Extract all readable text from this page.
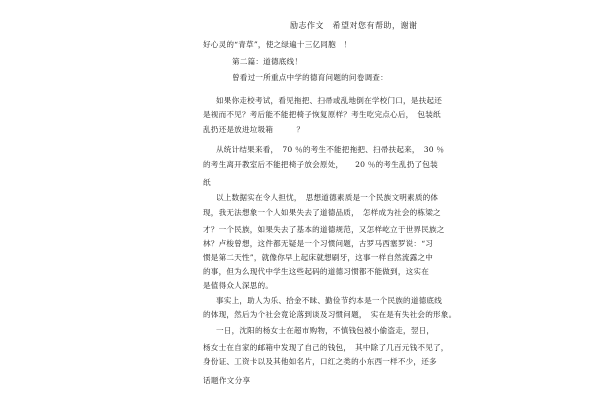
励志作文　希望对您有帮助，谢谢
好心灵的“青草”，使之绿遍十三亿同胞　！
第二篇：道德底线！
曾看过一所重点中学的德育问题的问卷调查：
如果你走校考试，看见拖把、扫帚或乱地倒在学校门口，是扶起还
是视而不见？考后能不能把椅子恢复原样？考生吃完点心后，　包装纸
乱扔还是放进垃圾箱　　　？
从统计结果来看，　70 ％的考生不能把拖把、扫帚扶起来，　30 ％
的考生离开教室后不能把椅子放会原处，　　20 ％的考生乱扔了包装
纸
以上数据实在令人担忧，　思想道德素质是一个民族文明素质的体
现，我无法想象一个人如果失去了道德品质，　怎样成为社会的栋梁之
才？一个民族，如果失去了基本的道德规范，又怎样屹立于世界民族之
林？卢梭曾想，这件都无疑是一个习惯问题，古罗马西塞罗说：“习
惯是第二天性”，就像你早上起床就想刷牙，这事一样自然流露之中
的事，但为么现代中学生这些起码的道德习惯都不能做到，这实在
是值得众人深思的。
事实上，助人为乐、拾金不昧、勤俭节约本是一个民族的道德底线
的体现，然后为个社会竟论落到谈及习惯问题，　实在是有失社会的形象。
一日，沈阳的杨女士在超市购物，不慎钱包被小偷盗走，翌日，
杨女士在自家的邮箱中发现了自己的钱包，　其中除了几百元钱不见了，
身份证、工资卡以及其他如名片，口红之类的小东西一样不少，还多
话题作文分享
